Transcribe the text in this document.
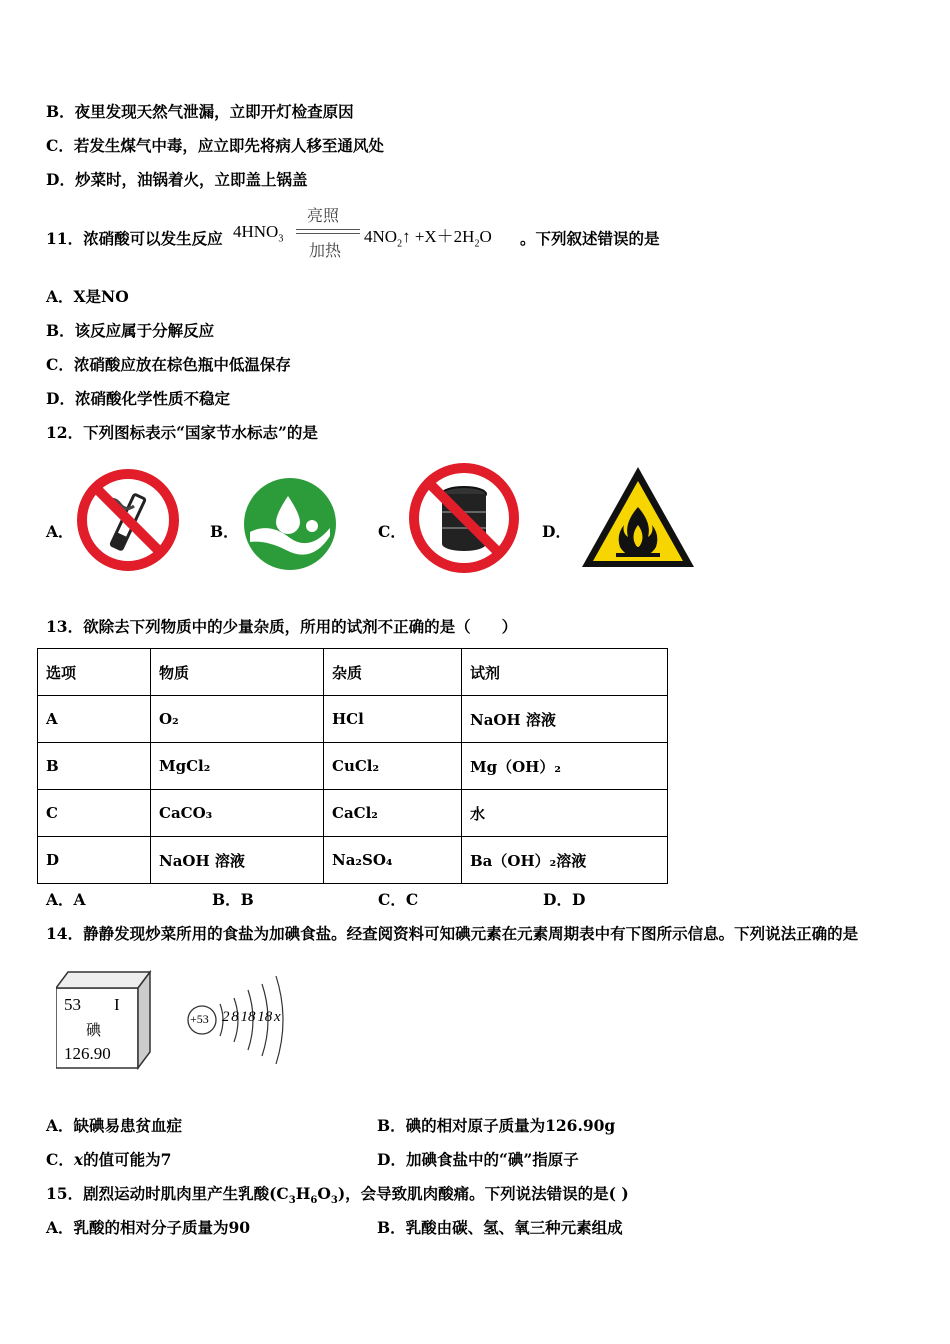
B．夜里发现天然气泄漏，立即开灯检查原因
C．若发生煤气中毒，应立即先将病人移至通风处
D．炒菜时，油锅着火，立即盖上锅盖
11．浓硝酸可以发生反应 $4HNO_3$
亮照
加热
$4NO_2↑ +X+2H_2O$ 。下列叙述错误的是
A．X是NO
B．该反应属于分解反应
C．浓硝酸应放在棕色瓶中低温保存
D．浓硝酸化学性质不稳定
12．下列图标表示“国家节水标志”的是
A．	B．	C．	D．
13．欲除去下列物质中的少量杂质，所用的试剂不正确的是（　　）
选项	物质	杂质	试剂
A	O₂	HCl	NaOH 溶液
B	MgCl₂	CuCl₂	Mg（OH）₂
C	CaCO₃	CaCl₂	水
D	NaOH 溶液	Na₂SO₄	Ba（OH）₂溶液
A．A	B．B	C．C	D．D
14．静静发现炒菜所用的食盐为加碘食盐。经查阅资料可知碘元素在元素周期表中有下图所示信息。下列说法正确的是
53 I
碘
126.90
+53 2 8 18 18 x
A．缺碘易患贫血症	B．碘的相对原子质量为126.90g
C．x的值可能为7	D．加碘食盐中的“碘”指原子
15．剧烈运动时肌肉里产生乳酸$(C_3H_6O_3)$，会导致肌肉酸痛。下列说法错误的是( )
A．乳酸的相对分子质量为90	B．乳酸由碳、氢、氧三种元素组成
